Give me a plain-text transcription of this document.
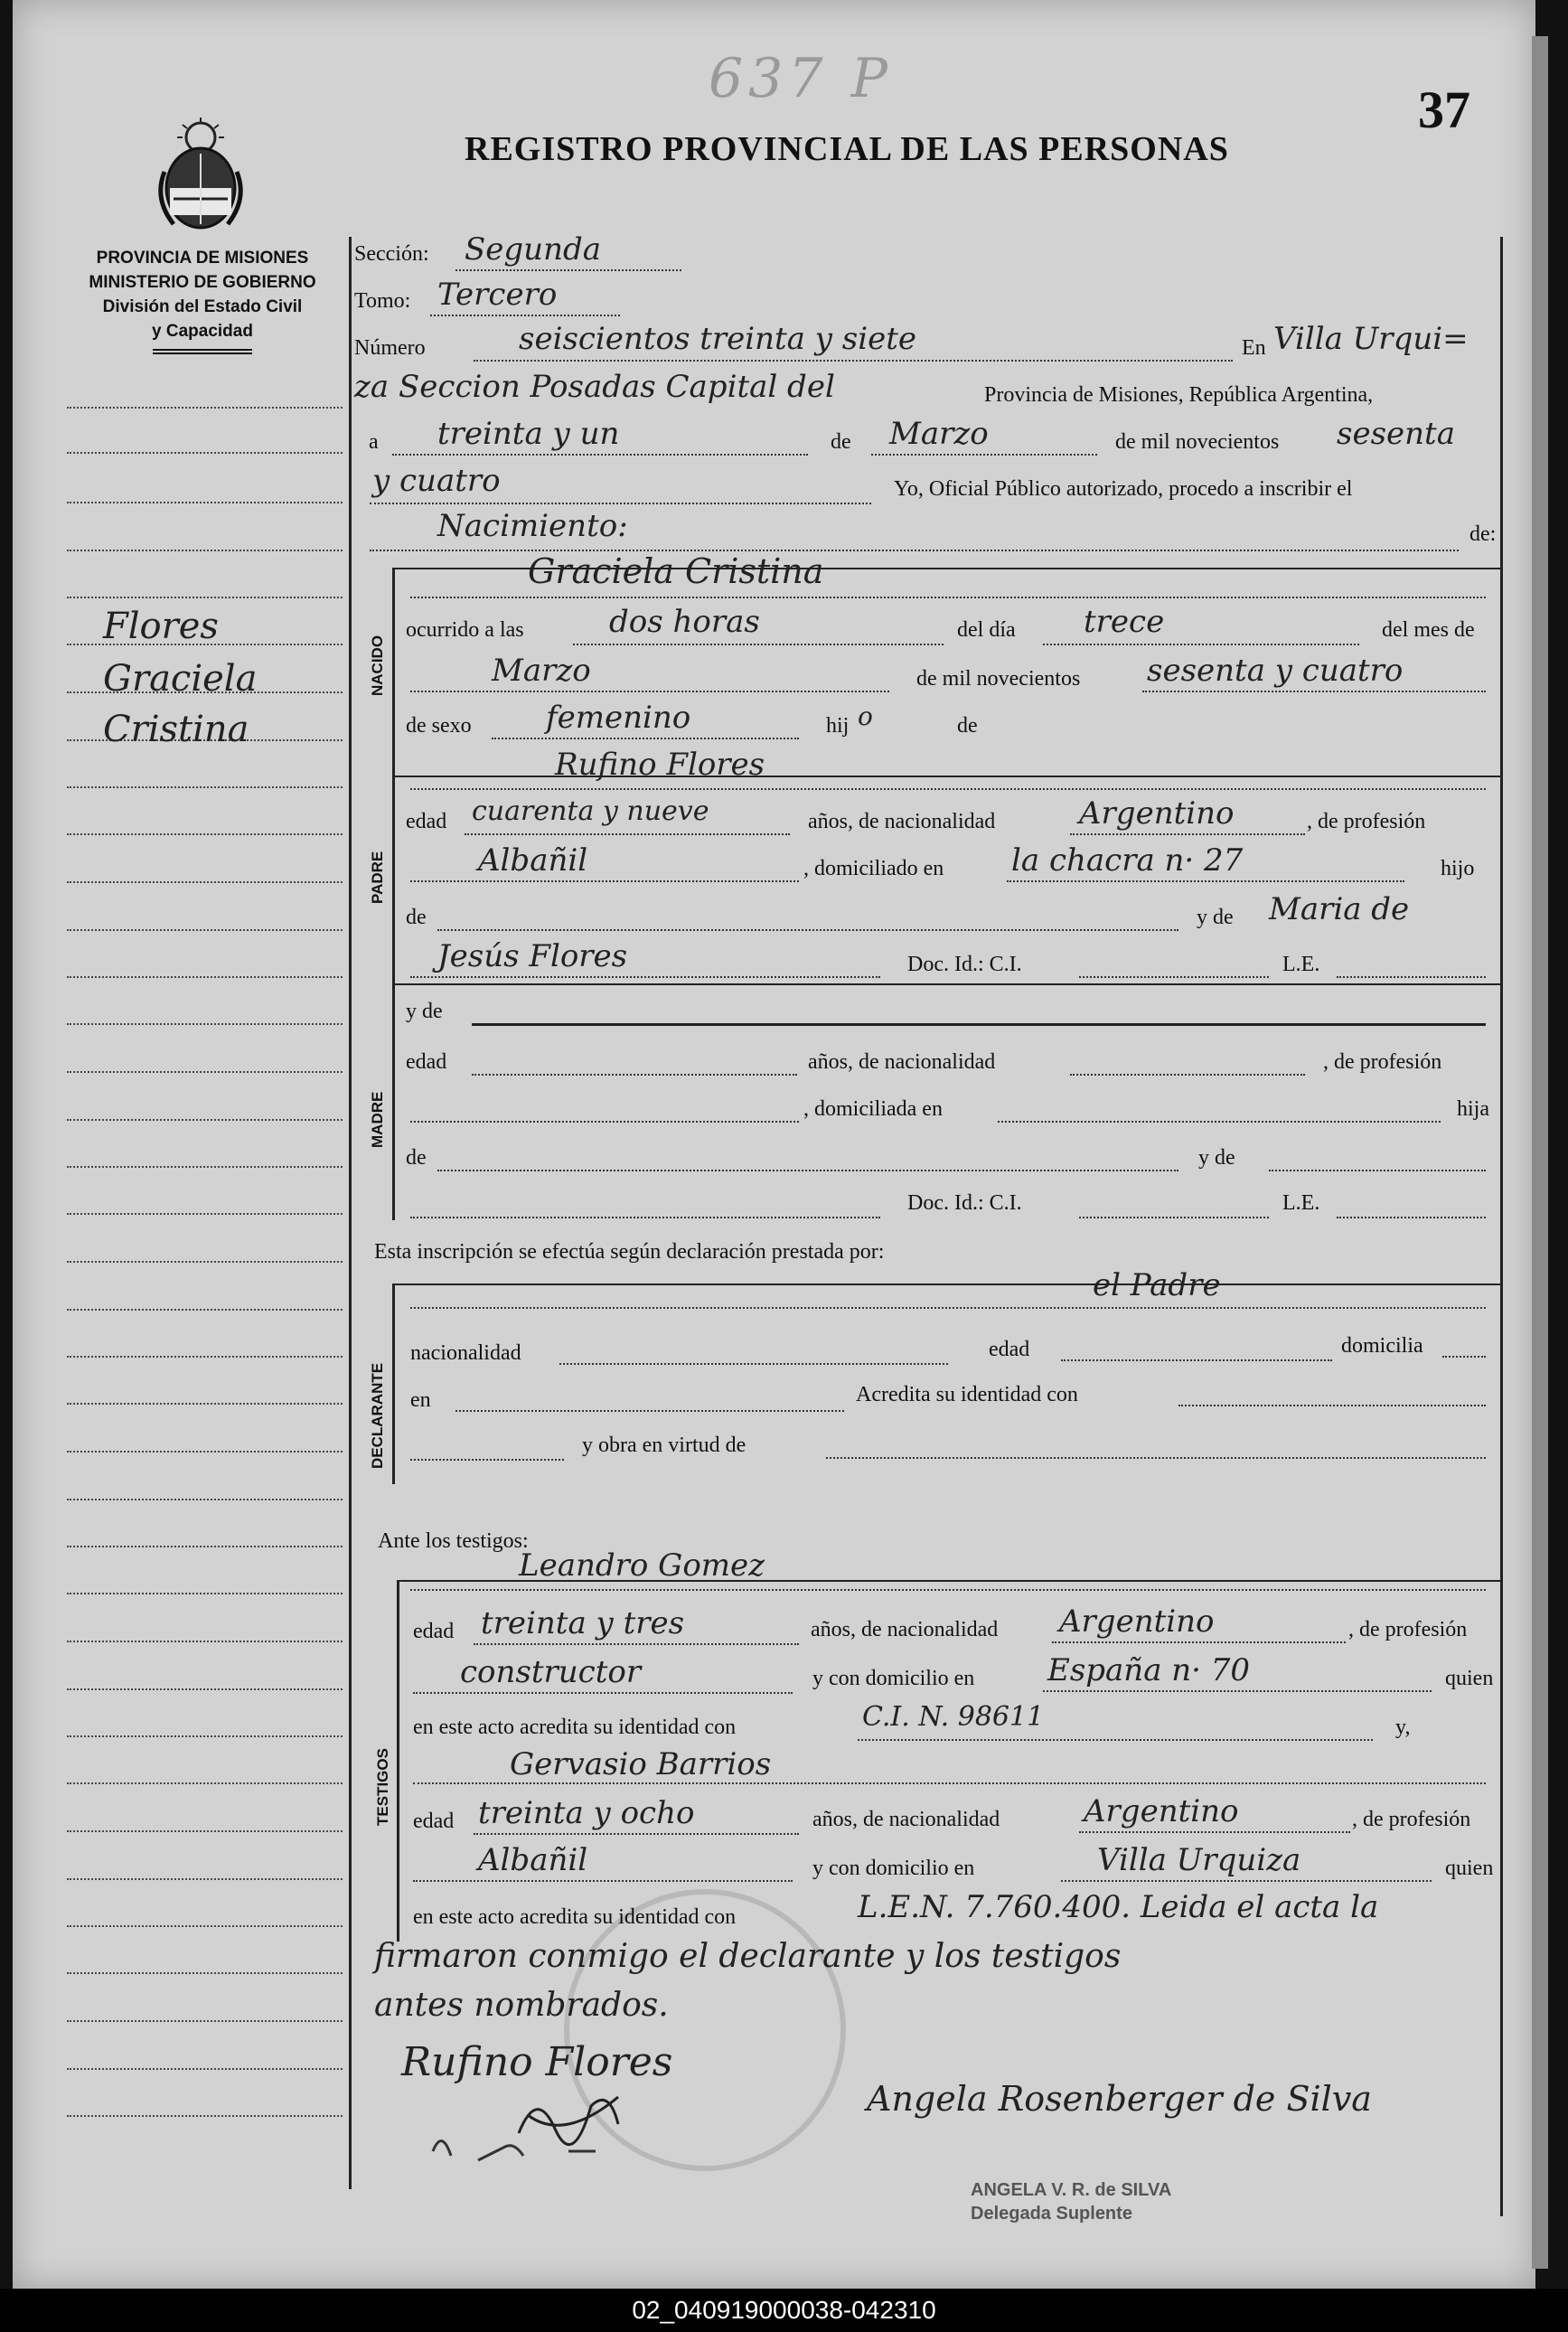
637 P	37
REGISTRO PROVINCIAL DE LAS PERSONAS
PROVINCIA DE MISIONES
MINISTERIO DE GOBIERNO
División del Estado Civil
y Capacidad
Flores
Graciela
Cristina
Sección: Segunda
Tomo: Tercero
Número	seiscientos treinta y siete	En Villa Urqui=
za Seccion Posadas Capital del	Provincia de Misiones, República Argentina,
a treinta y un	de Marzo	de mil novecientos sesenta
y cuatro	Yo, Oficial Público autorizado, procedo a inscribir el
Nacimiento:	de:
NACIDO
Graciela Cristina
ocurrido a las	dos horas	del día trece	del mes de
Marzo	de mil novecientos sesenta y cuatro
de sexo femenino	hij o	de
PADRE
Rufino Flores
edad cuarenta y nueve	años, de nacionalidad	Argentino	, de profesión
Albañil	, domiciliado en la chacra n· 27	hijo
de	y de Maria de
Jesús Flores	Doc. Id.: C.I.	L.E.
MADRE
y de
edad	años, de nacionalidad	, de profesión
, domiciliada en	hija
de	y de
Doc. Id.: C.I.	L.E.
Esta inscripción se efectúa según declaración prestada por:
DECLARANTE
el Padre
nacionalidad	edad	domicilia
en	Acredita su identidad con
y obra en virtud de
Ante los testigos:
TESTIGOS
Leandro Gomez
edad treinta y tres	años, de nacionalidad Argentino	, de profesión
constructor	y con domicilio en España n· 70	quien
en este acto acredita su identidad con	C.I. N. 98611	y,
Gervasio Barrios
edad treinta y ocho	años, de nacionalidad	Argentino	, de profesión
Albañil	y con domicilio en	Villa Urquiza	quien
en este acto acredita su identidad con	L.E.N. 7.760.400. Leida el acta la
firmaron conmigo el declarante y los testigos
antes nombrados.
Rufino Flores
Angela Rosenberger de Silva
ANGELA V. R. de SILVA
Delegada Suplente
02_040919000038-042310
